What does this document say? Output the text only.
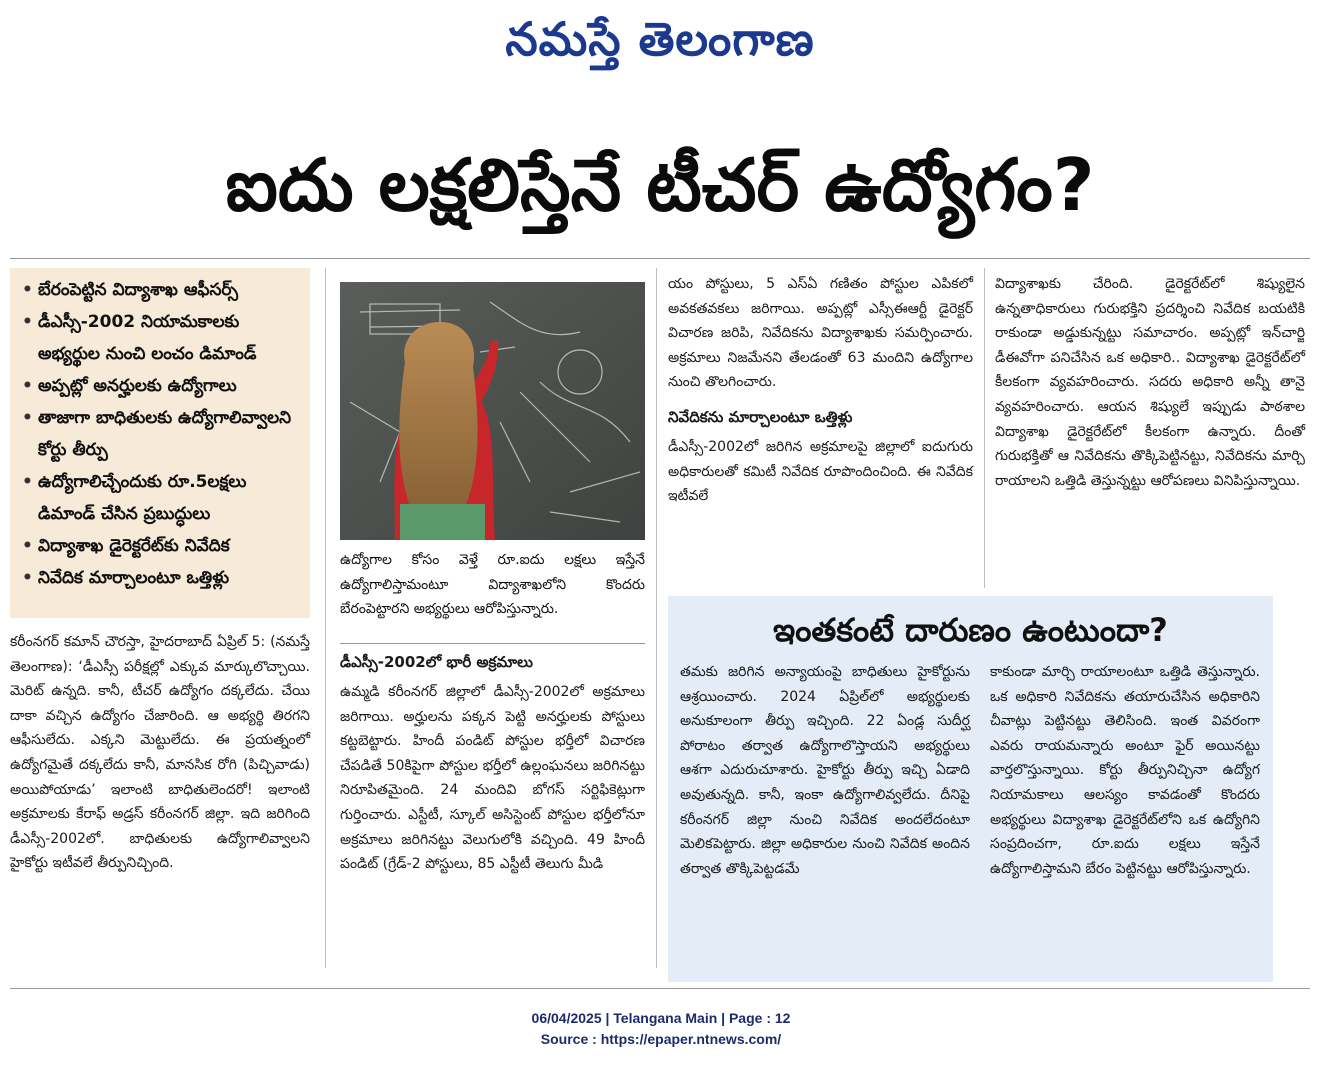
నమస్తే తెలంగాణ
ఐదు లక్షలిస్తేనే టీచర్ ఉద్యోగం?
• బేరంపెట్టిన విద్యాశాఖ ఆఫీసర్స్
• డీఎస్సీ-2002 నియామకాలకు అభ్యర్థుల నుంచి లంచం డిమాండ్
• అప్పట్లో అనర్హులకు ఉద్యోగాలు
• తాజాగా బాధితులకు ఉద్యోగాలివ్వాలని కోర్టు తీర్పు
• ఉద్యోగాలిచ్చేందుకు రూ.5లక్షలు డిమాండ్ చేసిన ప్రబుద్ధులు
• విద్యాశాఖ డైరెక్టరేట్‌కు నివేదిక
• నివేదిక మార్చాలంటూ ఒత్తిళ్లు
ఉద్యోగాల కోసం వెళ్తే రూ.ఐదు లక్షలు ఇస్తేనే ఉద్యోగాలిస్తామంటూ విద్యాశాఖలోని కొందరు బేరంపెట్టారని అభ్యర్థులు ఆరోపిస్తున్నారు.

కరీంనగర్ కమాన్ చౌరస్తా, హైదరాబాద్ ఏప్రిల్ 5: (నమస్తే తెలంగాణ): ‘డీఎస్సీ పరీక్షల్లో ఎక్కువ మార్కులొచ్చాయి. మెరిట్ ఉన్నది. కానీ, టీచర్ ఉద్యోగం దక్కలేదు. చేయి దాకా వచ్చిన ఉద్యోగం చేజారింది. ఆ అభ్యర్థి తిరగని ఆఫీసులేదు. ఎక్కని మెట్టులేదు. ఈ ప్రయత్నంలో ఉద్యోగమైతే దక్కలేదు కానీ, మానసిక రోగి (పిచ్చివాడు) అయిపోయాడు’ ఇలాంటి బాధితులెందరో! ఇలాంటి అక్రమాలకు కేరాఫ్ అడ్రస్ కరీంనగర్ జిల్లా. ఇది జరిగింది డీఎస్సీ-2002లో. బాధితులకు ఉద్యోగాలివ్వాలని హైకోర్టు ఇటీవలే తీర్పునిచ్చింది.

డీఎస్సీ-2002లో భారీ అక్రమాలు

ఉమ్మడి కరీంనగర్ జిల్లాలో డీఎస్సీ-2002లో అక్రమాలు జరిగాయి. అర్హులను పక్కన పెట్టి అనర్హులకు పోస్టులు కట్టబెట్టారు. హిందీ పండిట్ పోస్టుల భర్తీలో విచారణ చేపడితే 50కిపైగా పోస్టుల భర్తీలో ఉల్లంఘనలు జరిగినట్టు నిరూపితమైంది. 24 మందివి బోగస్ సర్టిఫికెట్లుగా గుర్తించారు. ఎస్టీటీ, స్కూల్ అసిస్టెంట్ పోస్టుల భర్తీలోనూ అక్రమాలు జరిగినట్టు వెలుగులోకి వచ్చింది. 49 హిందీ పండిట్ (గ్రేడ్-2 పోస్టులు, 85 ఎస్టీటీ తెలుగు మీడి

యం పోస్టులు, 5 ఎస్ఏ గణితం పోస్టుల ఎపికలో అవకతవకలు జరిగాయి. అప్పట్లో ఎస్సీఈఆర్టీ డైరెక్టర్ విచారణ జరిపి, నివేదికను విద్యాశాఖకు సమర్పించారు. అక్రమాలు నిజమేనని తేలడంతో 63 మందిని ఉద్యోగాల నుంచి తొలగించారు.

నివేదికను మార్చాలంటూ ఒత్తిళ్లు

డీఎస్సీ-2002లో జరిగిన అక్రమాలపై జిల్లాలో ఐదుగురు అధికారులతో కమిటీ నివేదిక రూపొందించింది. ఈ నివేదిక ఇటీవలే

విద్యాశాఖకు చేరింది. డైరెక్టరేట్‌లో శిష్యులైన ఉన్నతాధికారులు గురుభక్తిని ప్రదర్శించి నివేదిక బయటికి రాకుండా అడ్డుకున్నట్టు సమాచారం. అప్పట్లో ఇన్‌చార్జి డీఈవోగా పనిచేసిన ఒక అధికారి.. విద్యాశాఖ డైరెక్టరేట్‌లో కీలకంగా వ్యవహరించారు. సదరు అధికారి అన్నీ తానై వ్యవహరించారు. ఆయన శిష్యులే ఇప్పుడు పాఠశాల విద్యాశాఖ డైరెక్టరేట్‌లో కీలకంగా ఉన్నారు. దీంతో గురుభక్తితో ఆ నివేదికను తొక్కిపెట్టినట్టు, నివేదికను మార్చి రాయాలని ఒత్తిడి తెస్తున్నట్టు ఆరోపణలు వినిపిస్తున్నాయి.

ఇంతకంటే దారుణం ఉంటుందా?

తమకు జరిగిన అన్యాయంపై బాధితులు హైకోర్టును ఆశ్రయించారు. 2024 ఏప్రిల్‌లో అభ్యర్థులకు అనుకూలంగా తీర్పు ఇచ్చింది. 22 ఏండ్ల సుదీర్ఘ పోరాటం తర్వాత ఉద్యోగాలొస్తాయని అభ్యర్థులు ఆశగా ఎదురుచూశారు. హైకోర్టు తీర్పు ఇచ్చి ఏడాది అవుతున్నది. కానీ, ఇంకా ఉద్యోగాలివ్వలేదు. దీనిపై కరీంనగర్ జిల్లా నుంచి నివేదిక అందలేదంటూ మెలికపెట్టారు. జిల్లా అధికారుల నుంచి నివేదిక అందిన తర్వాత తొక్కిపెట్టడమే

కాకుండా మార్చి రాయాలంటూ ఒత్తిడి తెస్తున్నారు. ఒక అధికారి నివేదికను తయారుచేసిన అధికారిని చీవాట్లు పెట్టినట్టు తెలిసింది. ఇంత వివరంగా ఎవరు రాయమన్నారు అంటూ ఫైర్ అయినట్టు వార్తలొస్తున్నాయి. కోర్టు తీర్పునిచ్చినా ఉద్యోగ నియామకాలు ఆలస్యం కావడంతో కొందరు అభ్యర్థులు విద్యాశాఖ డైరెక్టరేట్‌లోని ఒక ఉద్యోగిని సంప్రదించగా, రూ.ఐదు లక్షలు ఇస్తేనే ఉద్యోగాలిస్తామని బేరం పెట్టినట్టు ఆరోపిస్తున్నారు.

06/04/2025 | Telangana Main | Page : 12
Source : https://epaper.ntnews.com/
